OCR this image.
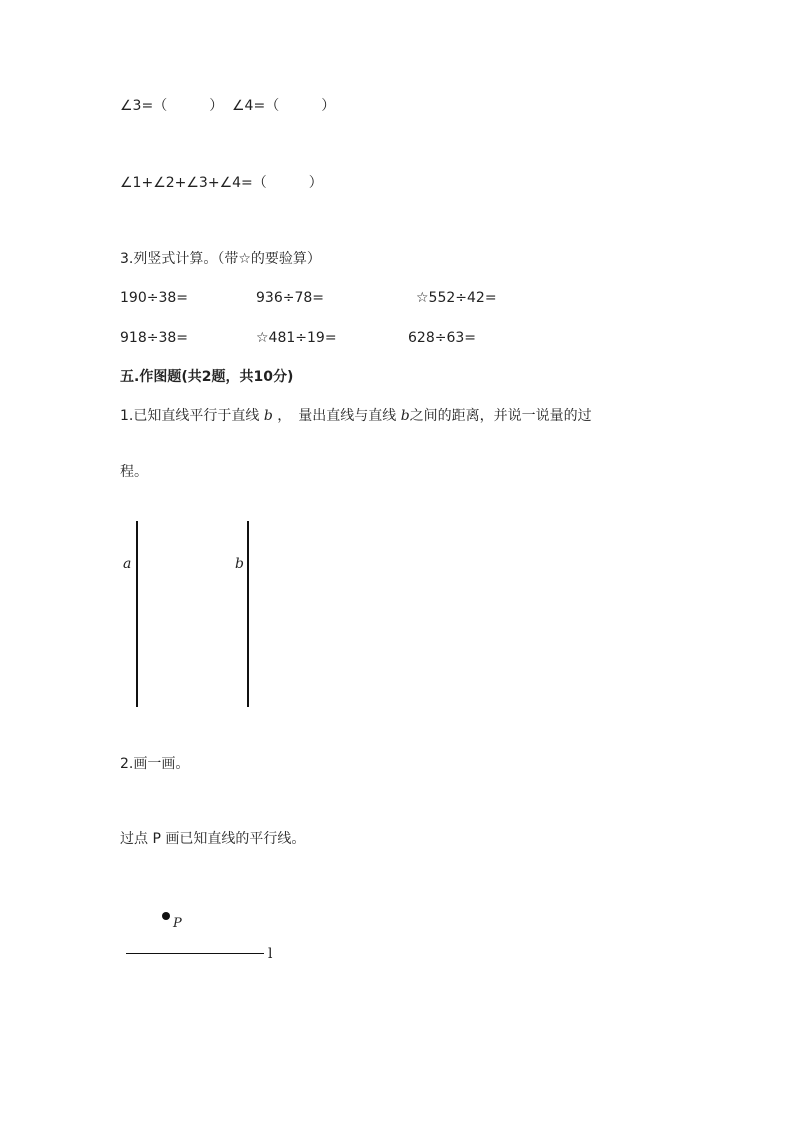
∠3=（　　　） ∠4=（　　　）
∠1+∠2+∠3+∠4=（　　　）
3.列竖式计算。（带☆的要验算）
190÷38=	936÷78=	☆552÷42=
918÷38=	☆481÷19=	628÷63=
五.作图题(共2题，共10分)
1.已知直线平行于直线 b ，　量出直线与直线 b之间的距离，并说一说量的过
程。
a	b
2.画一画。
过点 P 画已知直线的平行线。
P
l
